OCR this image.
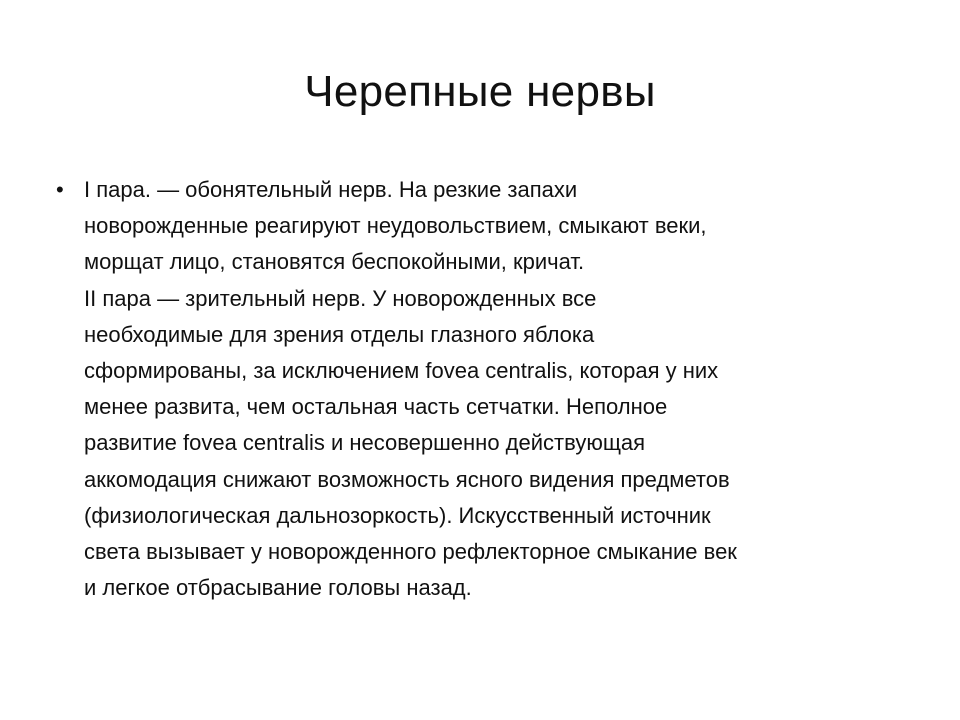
Черепные нервы
• I пара. — обонятельный нерв. На резкие запахи
новорожденные реагируют неудовольствием, смыкают веки,
морщат лицо, становятся беспокойными, кричат.
II пара — зрительный нерв. У новорожденных все
необходимые для зрения отделы глазного яблока
сформированы, за исключением fovea centralis, которая у них
менее развита, чем остальная часть сетчатки. Неполное
развитие fovea centralis и несовершенно действующая
аккомодация снижают возможность ясного видения предметов
(физиологическая дальнозоркость). Искусственный источник
света вызывает у новорожденного рефлекторное смыкание век
и легкое отбрасывание головы назад.
